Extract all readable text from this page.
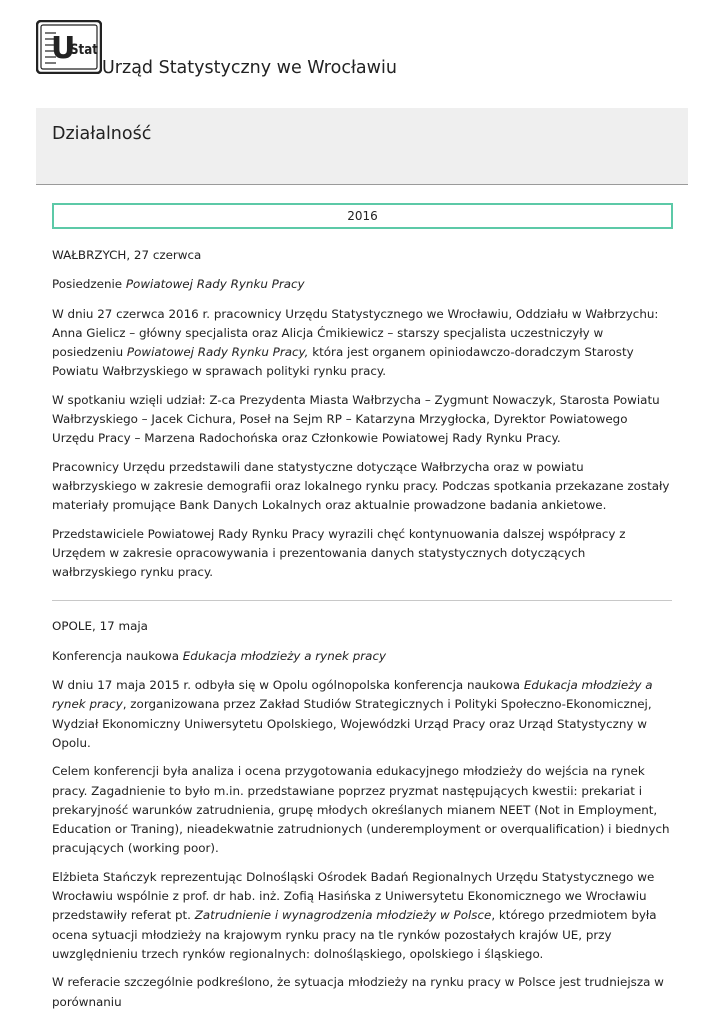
U
Stat
Urząd Statystyczny we Wrocławiu
Działalność
2016

WAŁBRZYCH, 27 czerwca

Posiedzenie Powiatowej Rady Rynku Pracy

W dniu 27 czerwca 2016 r. pracownicy Urzędu Statystycznego we Wrocławiu, Oddziału w Wałbrzychu: Anna Gielicz – główny specjalista oraz Alicja Ćmikiewicz – starszy specjalista uczestniczyły w posiedzeniu Powiatowej Rady Rynku Pracy, która jest organem opiniodawczo-doradczym Starosty Powiatu Wałbrzyskiego w sprawach polityki rynku pracy.

W spotkaniu wzięli udział: Z-ca Prezydenta Miasta Wałbrzycha – Zygmunt Nowaczyk, Starosta Powiatu Wałbrzyskiego – Jacek Cichura, Poseł na Sejm RP – Katarzyna Mrzygłocka, Dyrektor Powiatowego Urzędu Pracy – Marzena Radochońska oraz Członkowie Powiatowej Rady Rynku Pracy.

Pracownicy Urzędu przedstawili dane statystyczne dotyczące Wałbrzycha oraz w powiatu wałbrzyskiego w zakresie demografii oraz lokalnego rynku pracy. Podczas spotkania przekazane zostały materiały promujące Bank Danych Lokalnych oraz aktualnie prowadzone badania ankietowe.

Przedstawiciele Powiatowej Rady Rynku Pracy wyrazili chęć kontynuowania dalszej współpracy z Urzędem w zakresie opracowywania i prezentowania danych statystycznych dotyczących wałbrzyskiego rynku pracy.

OPOLE, 17 maja

Konferencja naukowa Edukacja młodzieży a rynek pracy

W dniu 17 maja 2015 r. odbyła się w Opolu ogólnopolska konferencja naukowa Edukacja młodzieży a rynek pracy, zorganizowana przez Zakład Studiów Strategicznych i Polityki Społeczno-Ekonomicznej, Wydział Ekonomiczny Uniwersytetu Opolskiego, Wojewódzki Urząd Pracy oraz Urząd Statystyczny w Opolu.

Celem konferencji była analiza i ocena przygotowania edukacyjnego młodzieży do wejścia na rynek pracy. Zagadnienie to było m.in. przedstawiane poprzez pryzmat następujących kwestii: prekariat i prekaryjność warunków zatrudnienia, grupę młodych określanych mianem NEET (Not in Employment, Education or Traning), nieadekwatnie zatrudnionych (underemployment or overqualification) i biednych pracujących (working poor).

Elżbieta Stańczyk reprezentując Dolnośląski Ośrodek Badań Regionalnych Urzędu Statystycznego we Wrocławiu wspólnie z prof. dr hab. inż. Zofią Hasińska z Uniwersytetu Ekonomicznego we Wrocławiu przedstawiły referat pt. Zatrudnienie i wynagrodzenia młodzieży w Polsce, którego przedmiotem była ocena sytuacji młodzieży na krajowym rynku pracy na tle rynków pozostałych krajów UE, przy uwzględnieniu trzech rynków regionalnych: dolnośląskiego, opolskiego i śląskiego.

W referacie szczególnie podkreślono, że sytuacja młodzieży na rynku pracy w Polsce jest trudniejsza w porównaniu
